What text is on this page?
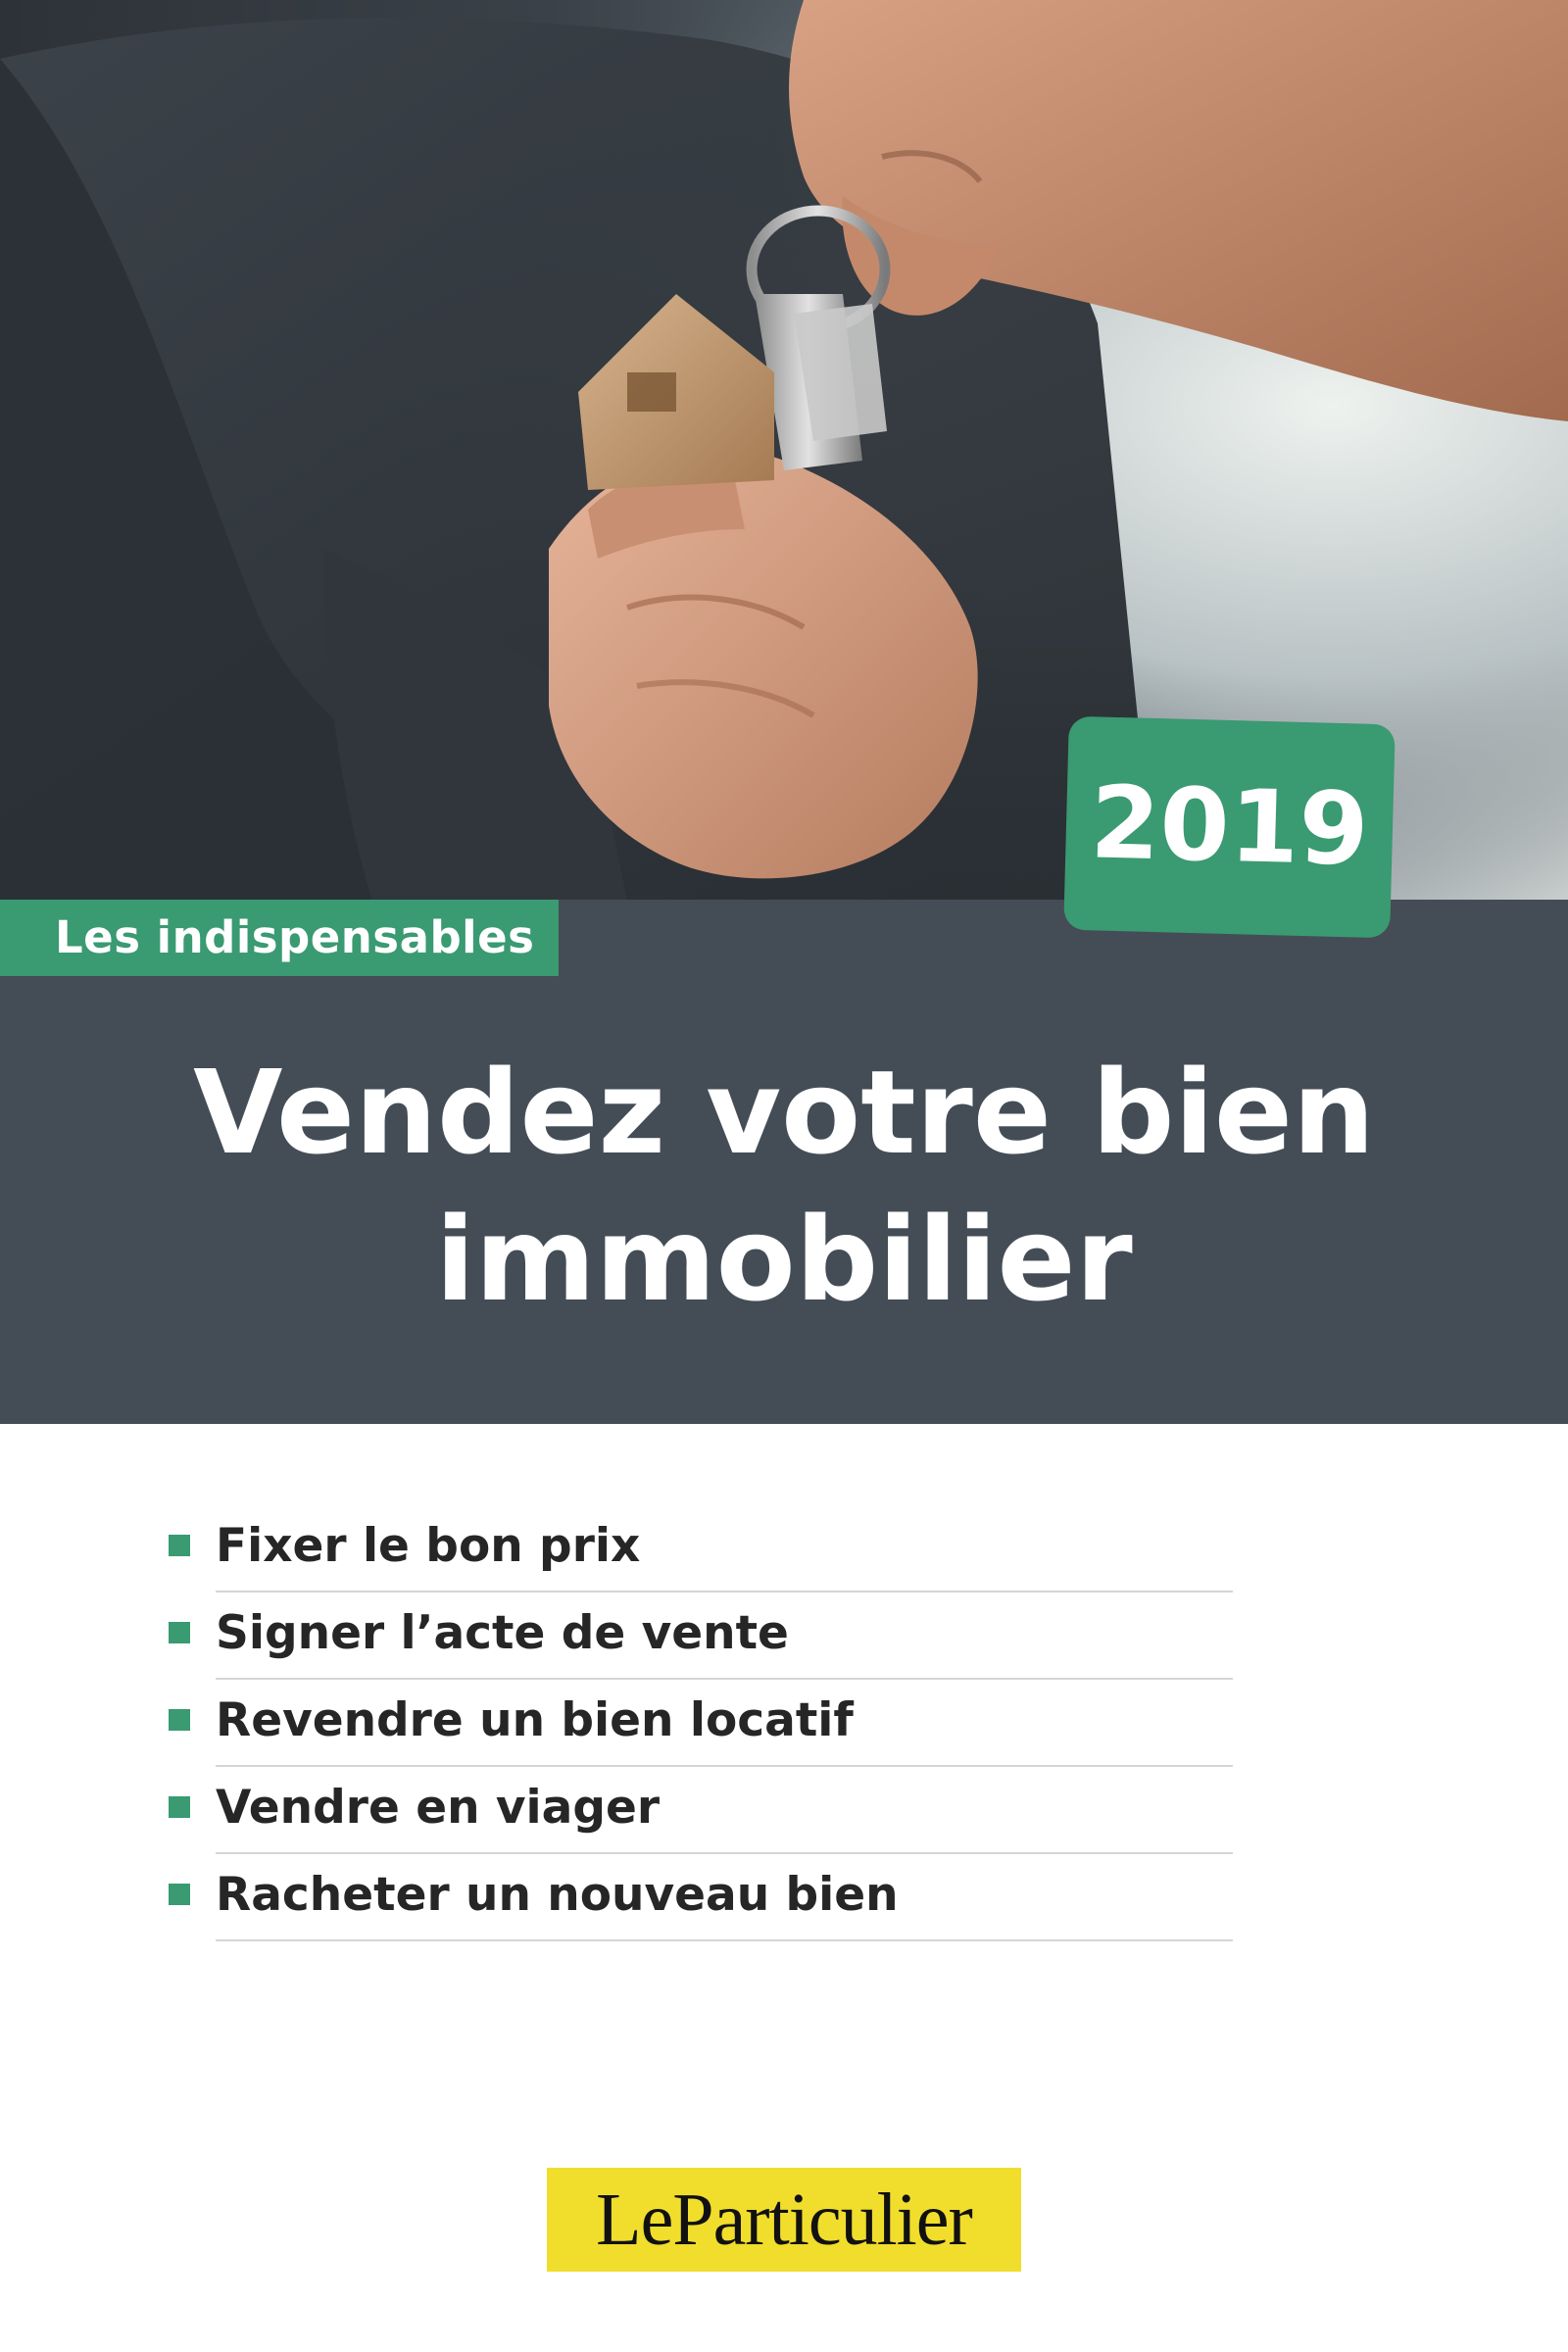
Les indispensables
2019
Vendez votre bien
immobilier
Fixer le bon prix
Signer l’acte de vente
Revendre un bien locatif
Vendre en viager
Racheter un nouveau bien
LeParticulier
